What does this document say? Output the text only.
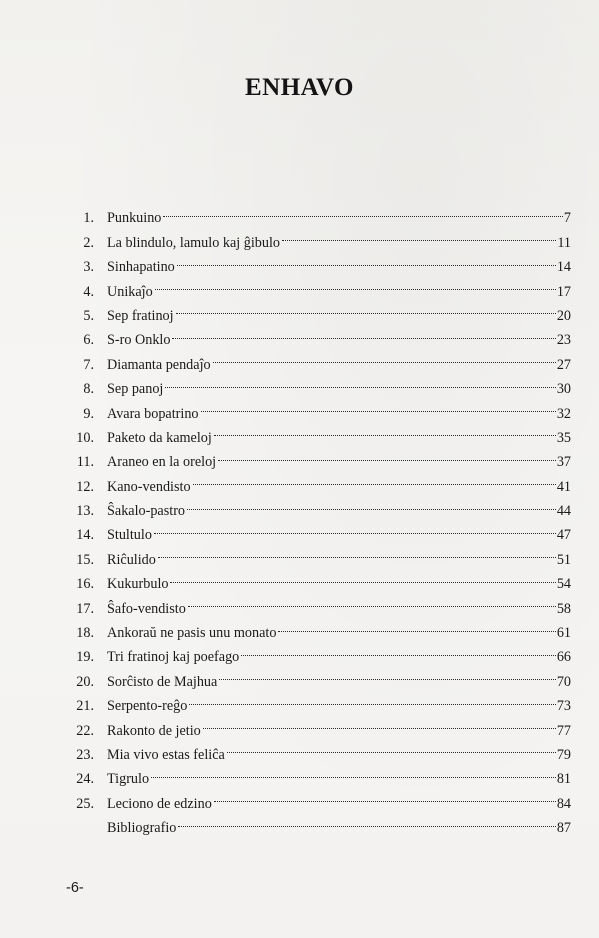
ENHAVO
1. Punkuino	7
2. La blindulo, lamulo kaj ĝibulo	11
3. Sinhapatino	14
4. Unikaĵo	17
5. Sep fratinoj	20
6. S-ro Onklo	23
7. Diamanta pendaĵo	27
8. Sep panoj	30
9. Avara bopatrino	32
10. Paketo da kameloj	35
11. Araneo en la oreloj	37
12. Kano-vendisto	41
13. Ŝakalo-pastro	44
14. Stultulo	47
15. Riĉulido	51
16. Kukurbulo	54
17. Ŝafo-vendisto	58
18. Ankoraŭ ne pasis unu monato	61
19. Tri fratinoj kaj poefago	66
20. Sorĉisto de Majhua	70
21. Serpento-reĝo	73
22. Rakonto de jetio	77
23. Mia vivo estas feliĉa	79
24. Tigrulo	81
25. Leciono de edzino	84
Bibliografio	87
-6-
